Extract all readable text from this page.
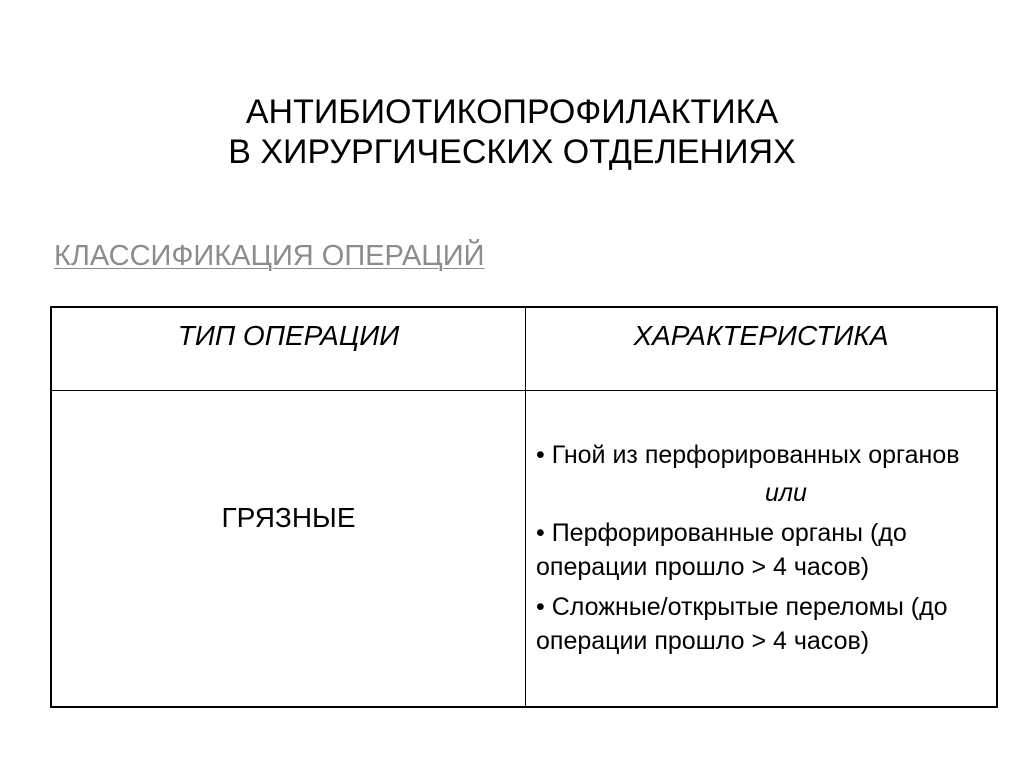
АНТИБИОТИКОПРОФИЛАКТИКА
В ХИРУРГИЧЕСКИХ ОТДЕЛЕНИЯХ
КЛАССИФИКАЦИЯ ОПЕРАЦИЙ
ТИП ОПЕРАЦИИ	ХАРАКТЕРИСТИКА
ГРЯЗНЫЕ

• Гной из перфорированных органов

или

• Перфорированные органы (до операции прошло > 4 часов)

• Сложные/открытые переломы (до операции прошло > 4 часов)
